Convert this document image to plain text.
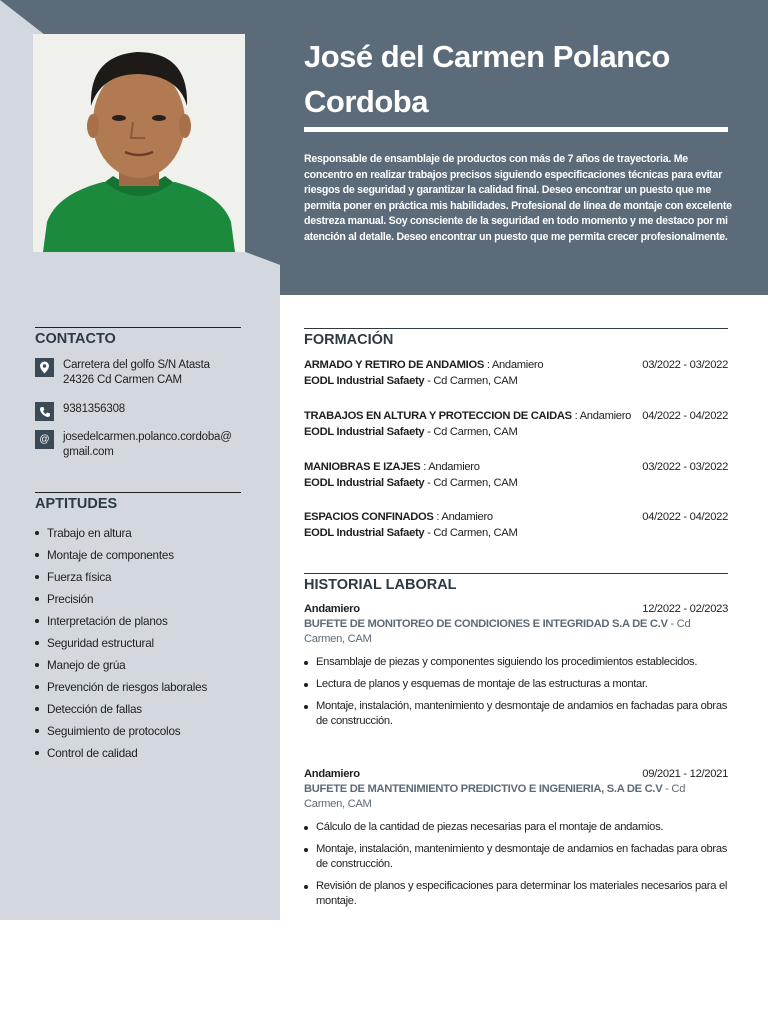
José del Carmen Polanco Cordoba
Responsable de ensamblaje de productos con más de 7 años de trayectoria. Me concentro en realizar trabajos precisos siguiendo especificaciones técnicas para evitar riesgos de seguridad y garantizar la calidad final. Deseo encontrar un puesto que me permita poner en práctica mis habilidades. Profesional de línea de montaje con excelente destreza manual. Soy consciente de la seguridad en todo momento y me destaco por mi atención al detalle. Deseo encontrar un puesto que me permita crecer profesionalmente.
CONTACTO
Carretera del golfo S/N Atasta
24326 Cd Carmen CAM
9381356308
@	josedelcarmen.polanco.cordoba@
gmail.com
APTITUDES
Trabajo en altura
Montaje de componentes
Fuerza física
Precisión
Interpretación de planos
Seguridad estructural
Manejo de grúa
Prevención de riesgos laborales
Detección de fallas
Seguimiento de protocolos
Control de calidad
FORMACIÓN
ARMADO Y RETIRO DE ANDAMIOS : Andamiero	03/2022 - 03/2022
EODL Industrial Safaety - Cd Carmen, CAM
TRABAJOS EN ALTURA Y PROTECCION DE CAIDAS : Andamiero 04/2022 - 04/2022
EODL Industrial Safaety - Cd Carmen, CAM
MANIOBRAS E IZAJES : Andamiero	03/2022 - 03/2022
EODL Industrial Safaety - Cd Carmen, CAM
ESPACIOS CONFINADOS : Andamiero	04/2022 - 04/2022
EODL Industrial Safaety - Cd Carmen, CAM
HISTORIAL LABORAL
Andamiero	12/2022 - 02/2023
BUFETE DE MONITOREO DE CONDICIONES E INTEGRIDAD S.A DE C.V - Cd Carmen, CAM
Ensamblaje de piezas y componentes siguiendo los procedimientos establecidos.
Lectura de planos y esquemas de montaje de las estructuras a montar.
Montaje, instalación, mantenimiento y desmontaje de andamios en fachadas para obras de construcción.
Andamiero	09/2021 - 12/2021
BUFETE DE MANTENIMIENTO PREDICTIVO E INGENIERIA, S.A DE C.V - Cd Carmen, CAM
Cálculo de la cantidad de piezas necesarias para el montaje de andamios.
Montaje, instalación, mantenimiento y desmontaje de andamios en fachadas para obras de construcción.
Revisión de planos y especificaciones para determinar los materiales necesarios para el montaje.
